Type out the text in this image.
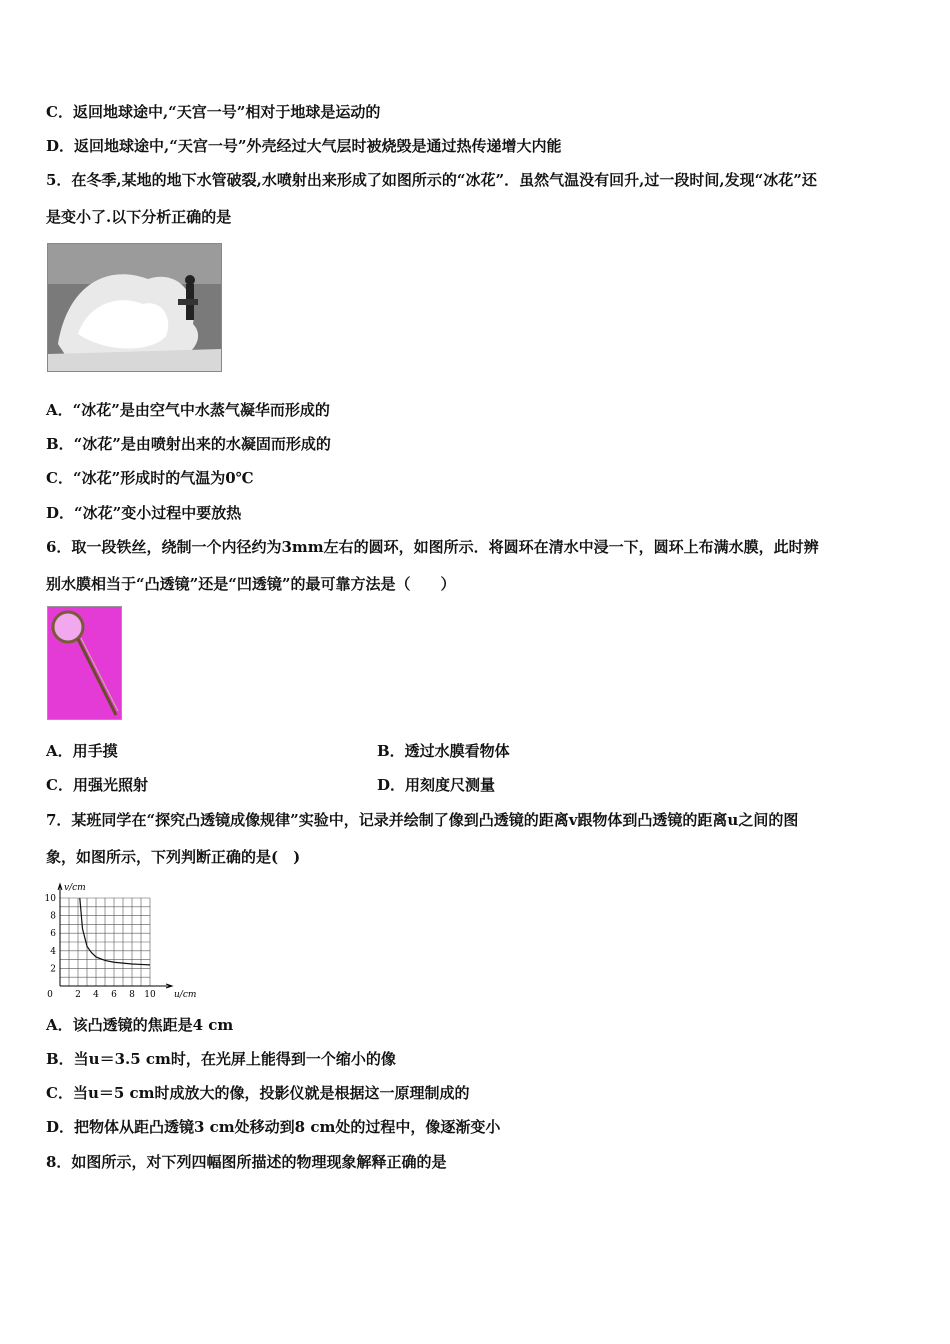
C．返回地球途中,“天宫一号”相对于地球是运动的
D．返回地球途中,“天宫一号”外壳经过大气层时被烧毁是通过热传递增大内能
5．在冬季,某地的地下水管破裂,水喷射出来形成了如图所示的“冰花”．虽然气温没有回升,过一段时间,发现“冰花”还
是变小了.以下分析正确的是
A．“冰花”是由空气中水蒸气凝华而形成的
B．“冰花”是由喷射出来的水凝固而形成的
C．“冰花”形成时的气温为0℃
D．“冰花”变小过程中要放热
6．取一段铁丝，绕制一个内径约为3mm左右的圆环，如图所示．将圆环在清水中浸一下，圆环上布满水膜，此时辨
别水膜相当于“凸透镜”还是“凹透镜”的最可靠方法是（　　）
A．用手摸	B．透过水膜看物体
C．用强光照射	D．用刻度尺测量
7．某班同学在“探究凸透镜成像规律”实验中，记录并绘制了像到凸透镜的距离v跟物体到凸透镜的距离u之间的图
象，如图所示，下列判断正确的是(　)
0 2 4 6 8 10
2
4
6
8
10
u/cm
v/cm
A．该凸透镜的焦距是4 cm
B．当u＝3.5 cm时，在光屏上能得到一个缩小的像
C．当u＝5 cm时成放大的像，投影仪就是根据这一原理制成的
D．把物体从距凸透镜3 cm处移动到8 cm处的过程中，像逐渐变小
8．如图所示，对下列四幅图所描述的物理现象解释正确的是
